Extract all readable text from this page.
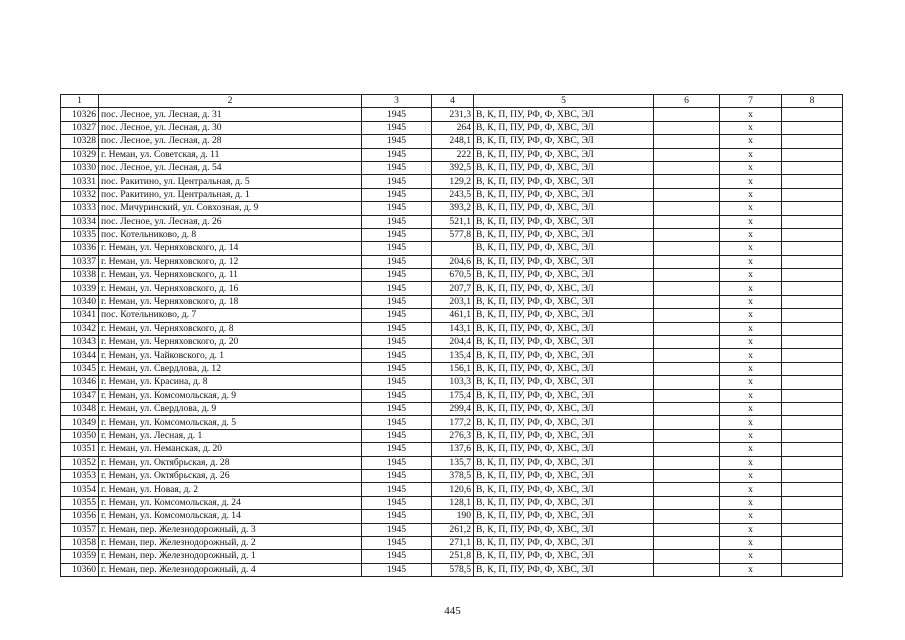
1	2	3	4	5	6	7	8
10326	пос. Лесное, ул. Лесная, д. 31	1945	231,3	В, К, П, ПУ, РФ, Ф, ХВС, ЭЛ		x	
10327	пос. Лесное, ул. Лесная, д. 30	1945	264	В, К, П, ПУ, РФ, Ф, ХВС, ЭЛ		x	
10328	пос. Лесное, ул. Лесная, д. 28	1945	248,1	В, К, П, ПУ, РФ, Ф, ХВС, ЭЛ		x	
10329	г. Неман, ул. Советская, д. 11	1945	222	В, К, П, ПУ, РФ, Ф, ХВС, ЭЛ		x	
10330	пос. Лесное, ул. Лесная, д. 54	1945	392,5	В, К, П, ПУ, РФ, Ф, ХВС, ЭЛ		x	
10331	пос. Ракитино, ул. Центральная, д. 5	1945	129,2	В, К, П, ПУ, РФ, Ф, ХВС, ЭЛ		x	
10332	пос. Ракитино, ул. Центральная, д. 1	1945	243,5	В, К, П, ПУ, РФ, Ф, ХВС, ЭЛ		x	
10333	пос. Мичуринский, ул. Совхозная, д. 9	1945	393,2	В, К, П, ПУ, РФ, Ф, ХВС, ЭЛ		x	
10334	пос. Лесное, ул. Лесная, д. 26	1945	521,1	В, К, П, ПУ, РФ, Ф, ХВС, ЭЛ		x	
10335	пос. Котельниково, д. 8	1945	577,8	В, К, П, ПУ, РФ, Ф, ХВС, ЭЛ		x	
10336	г. Неман, ул. Черняховского, д. 14	1945		В, К, П, ПУ, РФ, Ф, ХВС, ЭЛ		x	
10337	г. Неман, ул. Черняховского, д. 12	1945	204,6	В, К, П, ПУ, РФ, Ф, ХВС, ЭЛ		x	
10338	г. Неман, ул. Черняховского, д. 11	1945	670,5	В, К, П, ПУ, РФ, Ф, ХВС, ЭЛ		x	
10339	г. Неман, ул. Черняховского, д. 16	1945	207,7	В, К, П, ПУ, РФ, Ф, ХВС, ЭЛ		x	
10340	г. Неман, ул. Черняховского, д. 18	1945	203,1	В, К, П, ПУ, РФ, Ф, ХВС, ЭЛ		x	
10341	пос. Котельниково, д. 7	1945	461,1	В, К, П, ПУ, РФ, Ф, ХВС, ЭЛ		x	
10342	г. Неман, ул. Черняховского, д. 8	1945	143,1	В, К, П, ПУ, РФ, Ф, ХВС, ЭЛ		x	
10343	г. Неман, ул. Черняховского, д. 20	1945	204,4	В, К, П, ПУ, РФ, Ф, ХВС, ЭЛ		x	
10344	г. Неман, ул. Чайковского, д. 1	1945	135,4	В, К, П, ПУ, РФ, Ф, ХВС, ЭЛ		x	
10345	г. Неман, ул. Свердлова, д. 12	1945	156,1	В, К, П, ПУ, РФ, Ф, ХВС, ЭЛ		x	
10346	г. Неман, ул. Красина, д. 8	1945	103,3	В, К, П, ПУ, РФ, Ф, ХВС, ЭЛ		x	
10347	г. Неман, ул. Комсомольская, д. 9	1945	175,4	В, К, П, ПУ, РФ, Ф, ХВС, ЭЛ		x	
10348	г. Неман, ул. Свердлова, д. 9	1945	299,4	В, К, П, ПУ, РФ, Ф, ХВС, ЭЛ		x	
10349	г. Неман, ул. Комсомольская, д. 5	1945	177,2	В, К, П, ПУ, РФ, Ф, ХВС, ЭЛ		x	
10350	г. Неман, ул. Лесная, д. 1	1945	276,3	В, К, П, ПУ, РФ, Ф, ХВС, ЭЛ		x	
10351	г. Неман, ул. Неманская, д. 20	1945	137,6	В, К, П, ПУ, РФ, Ф, ХВС, ЭЛ		x	
10352	г. Неман, ул. Октябрьская, д. 28	1945	135,7	В, К, П, ПУ, РФ, Ф, ХВС, ЭЛ		x	
10353	г. Неман, ул. Октябрьская, д. 26	1945	378,5	В, К, П, ПУ, РФ, Ф, ХВС, ЭЛ		x	
10354	г. Неман, ул. Новая, д. 2	1945	120,6	В, К, П, ПУ, РФ, Ф, ХВС, ЭЛ		x	
10355	г. Неман, ул. Комсомольская, д. 24	1945	128,1	В, К, П, ПУ, РФ, Ф, ХВС, ЭЛ		x	
10356	г. Неман, ул. Комсомольская, д. 14	1945	190	В, К, П, ПУ, РФ, Ф, ХВС, ЭЛ		x	
10357	г. Неман, пер. Железнодорожный, д. 3	1945	261,2	В, К, П, ПУ, РФ, Ф, ХВС, ЭЛ		x	
10358	г. Неман, пер. Железнодорожный, д. 2	1945	271,1	В, К, П, ПУ, РФ, Ф, ХВС, ЭЛ		x	
10359	г. Неман, пер. Железнодорожный, д. 1	1945	251,8	В, К, П, ПУ, РФ, Ф, ХВС, ЭЛ		x	
10360	г. Неман, пер. Железнодорожный, д. 4	1945	578,5	В, К, П, ПУ, РФ, Ф, ХВС, ЭЛ		x	
445
